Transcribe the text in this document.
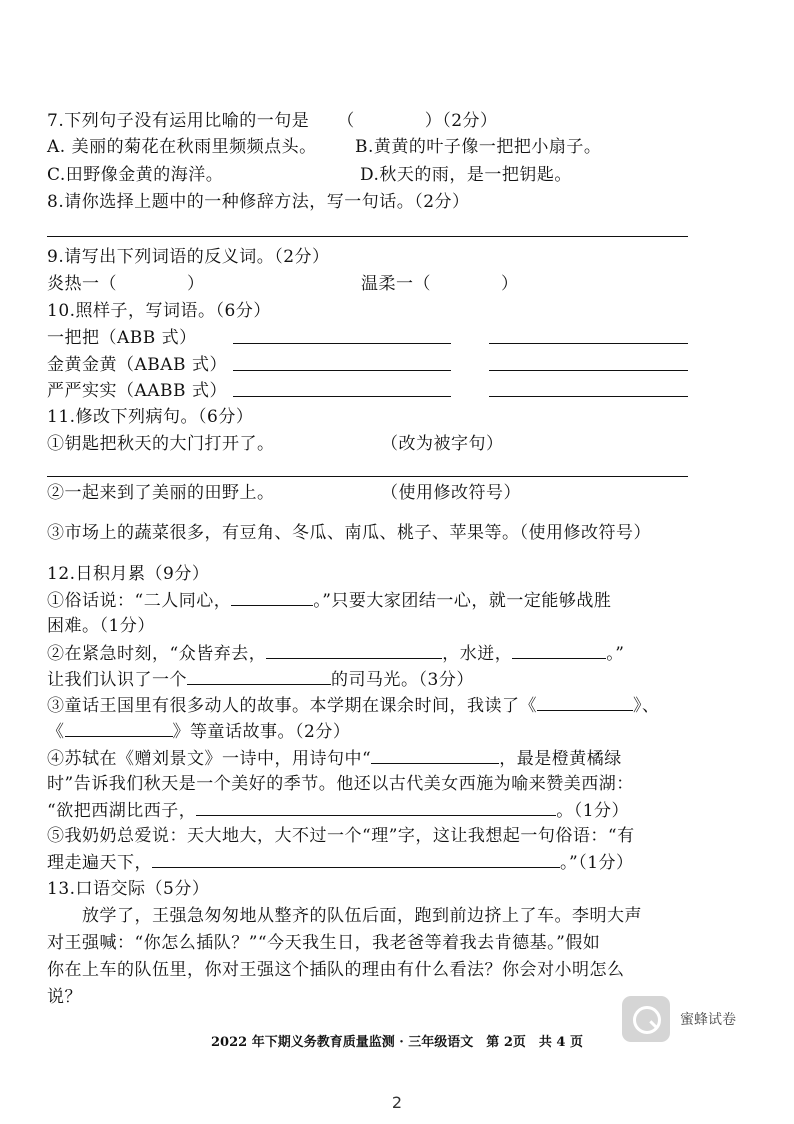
7.下列句子没有运用比喻的一句是 （　　　　）（2分）
A. 美丽的菊花在秋雨里频频点头。 B.黄黄的叶子像一把把小扇子。
C.田野像金黄的海洋。	D.秋天的雨，是一把钥匙。
8.请你选择上题中的一种修辞方法，写一句话。（2分）
9.请写出下列词语的反义词。（2分）
炎热一（　　　　）	温柔一（　　　　）
10.照样子，写词语。（6分）
一把把（ABB 式）
金黄金黄（ABAB 式）
严严实实（AABB 式）
11.修改下列病句。（6分）
①钥匙把秋天的大门打开了。	（改为被字句）
②一起来到了美丽的田野上。	（使用修改符号）
③市场上的蔬菜很多，有豆角、冬瓜、南瓜、桃子、苹果等。（使用修改符号）
12.日积月累（9分）
①俗话说：“二人同心，	。”只要大家团结一心，就一定能够战胜
困难。（1分）
②在紧急时刻，“众皆弃去，	，水迸，	。”
让我们认识了一个	的司马光。（3分）
③童话王国里有很多动人的故事。本学期在课余时间，我读了《	》、
《	》等童话故事。（2分）
④苏轼在《赠刘景文》一诗中，用诗句中“	，最是橙黄橘绿
时”告诉我们秋天是一个美好的季节。他还以古代美女西施为喻来赞美西湖：
“欲把西湖比西子，	。（1分）
⑤我奶奶总爱说：天大地大，大不过一个“理”字，这让我想起一句俗语：“有
理走遍天下，	。”（1分）
13.口语交际（5分）
放学了，王强急匆匆地从整齐的队伍后面，跑到前边挤上了车。李明大声
对王强喊：“你怎么插队？”“今天我生日，我老爸等着我去肯德基。”假如
你在上车的队伍里，你对王强这个插队的理由有什么看法？你会对小明怎么
说？
2022 年下期义务教育质量监测 · 三年级语文　第 2页　共 4 页
蜜蜂试卷
2
